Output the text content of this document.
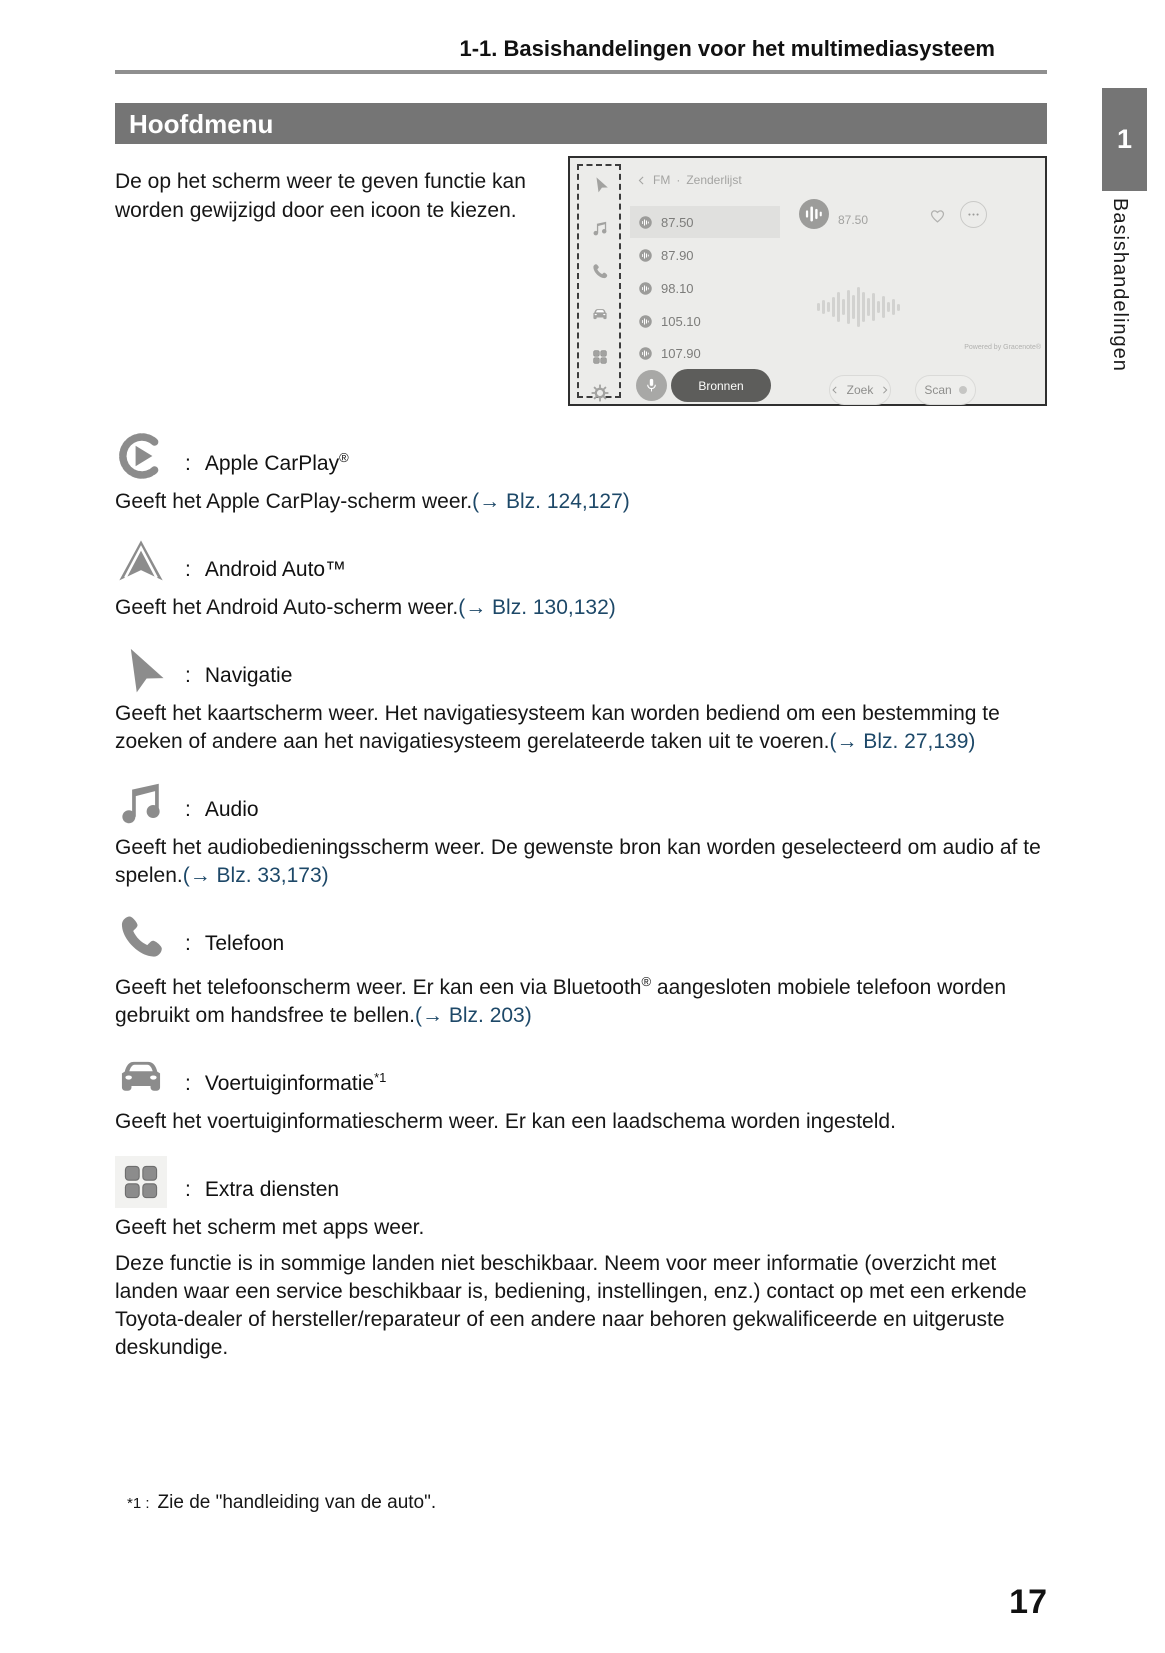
1-1. Basishandelingen voor het multimediasysteem
Hoofdmenu	1
Basishandelingen

De op het scherm weer te geven functie kan worden gewijzigd door een icoon te kiezen.

FM · Zenderlijst
87.50
87.90
98.10
105.10
107.90
Bronnen
87.50
Powered by Gracenote®
Zoek	Scan
: Apple CarPlay®

Geeft het Apple CarPlay-scherm weer.(→ Blz. 124,127)

: Android Auto™

Geeft het Android Auto-scherm weer.(→ Blz. 130,132)

: Navigatie

Geeft het kaartscherm weer. Het navigatiesysteem kan worden bediend om een bestemming te zoeken of andere aan het navigatiesysteem gerelateerde taken uit te voeren.(→ Blz. 27,139)

: Audio

Geeft het audiobedieningsscherm weer. De gewenste bron kan worden geselecteerd om audio af te spelen.(→ Blz. 33,173)

: Telefoon

Geeft het telefoonscherm weer. Er kan een via Bluetooth® aangesloten mobiele telefoon worden gebruikt om handsfree te bellen.(→ Blz. 203)

: Voertuiginformatie$^{*1}$

Geeft het voertuiginformatiescherm weer. Er kan een laadschema worden ingesteld.

: Extra diensten

Geeft het scherm met apps weer.

Deze functie is in sommige landen niet beschikbaar. Neem voor meer informatie (overzicht met landen waar een service beschikbaar is, bediening, instellingen, enz.) contact op met een erkende Toyota-dealer of hersteller/reparateur of een andere naar behoren gekwalificeerde en uitgeruste deskundige.

*1 : Zie de "handleiding van de auto".
17
